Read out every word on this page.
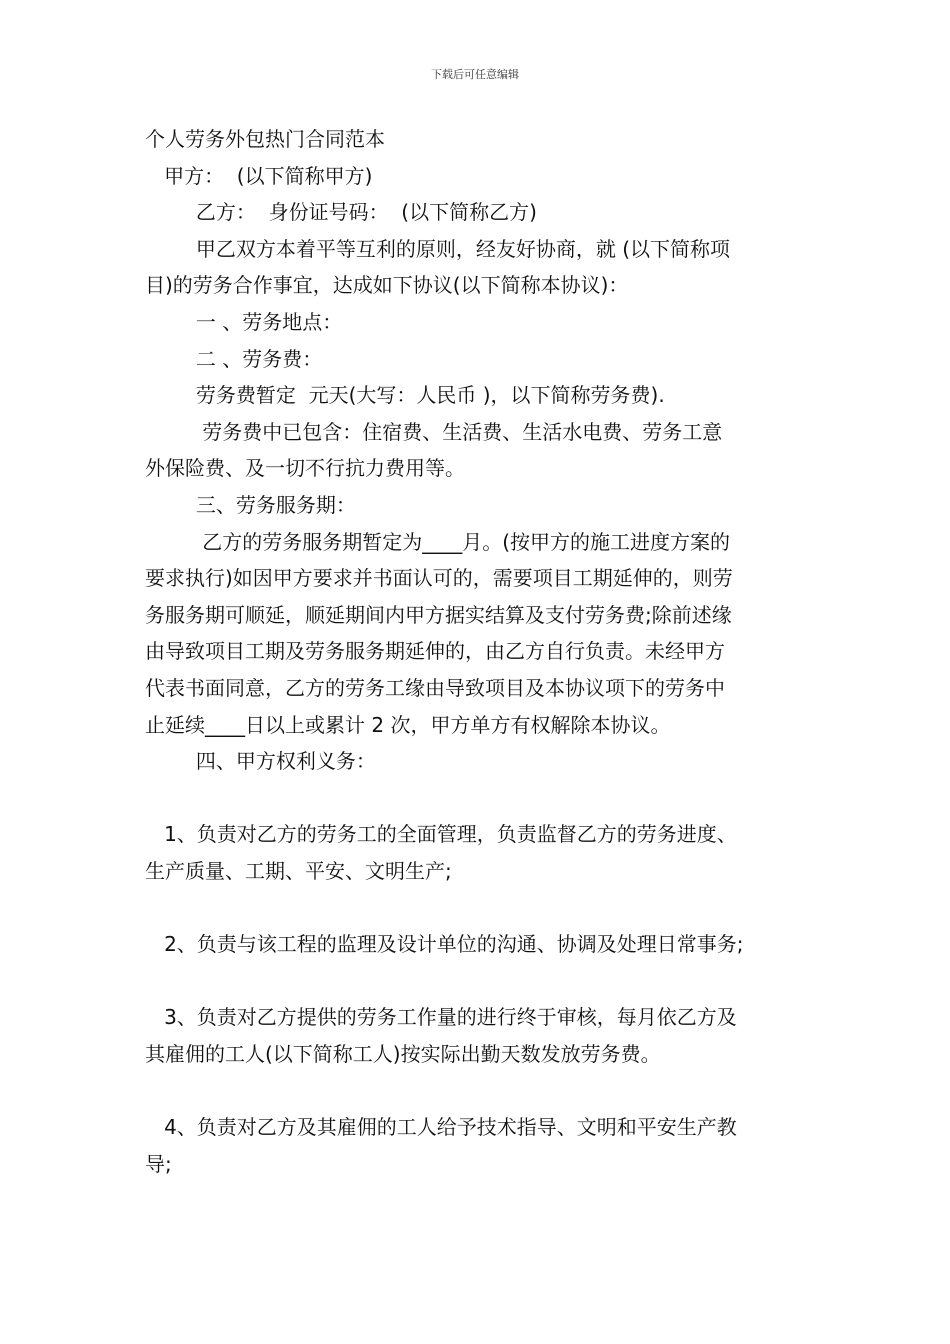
下载后可任意编辑
个人劳务外包热门合同范本
甲方：  (以下简称甲方)
乙方：  身份证号码：  (以下简称乙方)
甲乙双方本着平等互利的原则，经友好协商，就 (以下简称项
目)的劳务合作事宜，达成如下协议(以下简称本协议)：
一 、劳务地点：
二 、劳务费：
劳务费暂定  元天(大写：人民币 )，以下简称劳务费).
劳务费中已包含：住宿费、生活费、生活水电费、劳务工意
外保险费、及一切不行抗力费用等。
三、劳务服务期：
乙方的劳务服务期暂定为____月。(按甲方的施工进度方案的
要求执行)如因甲方要求并书面认可的，需要项目工期延伸的，则劳
务服务期可顺延，顺延期间内甲方据实结算及支付劳务费;除前述缘
由导致项目工期及劳务服务期延伸的，由乙方自行负责。未经甲方
代表书面同意，乙方的劳务工缘由导致项目及本协议项下的劳务中
止延续____日以上或累计 2 次，甲方单方有权解除本协议。
四、甲方权利义务：
1、负责对乙方的劳务工的全面管理，负责监督乙方的劳务进度、
生产质量、工期、平安、文明生产;
2、负责与该工程的监理及设计单位的沟通、协调及处理日常事务;
3、负责对乙方提供的劳务工作量的进行终于审核，每月依乙方及
其雇佣的工人(以下简称工人)按实际出勤天数发放劳务费。
4、负责对乙方及其雇佣的工人给予技术指导、文明和平安生产教
导;
